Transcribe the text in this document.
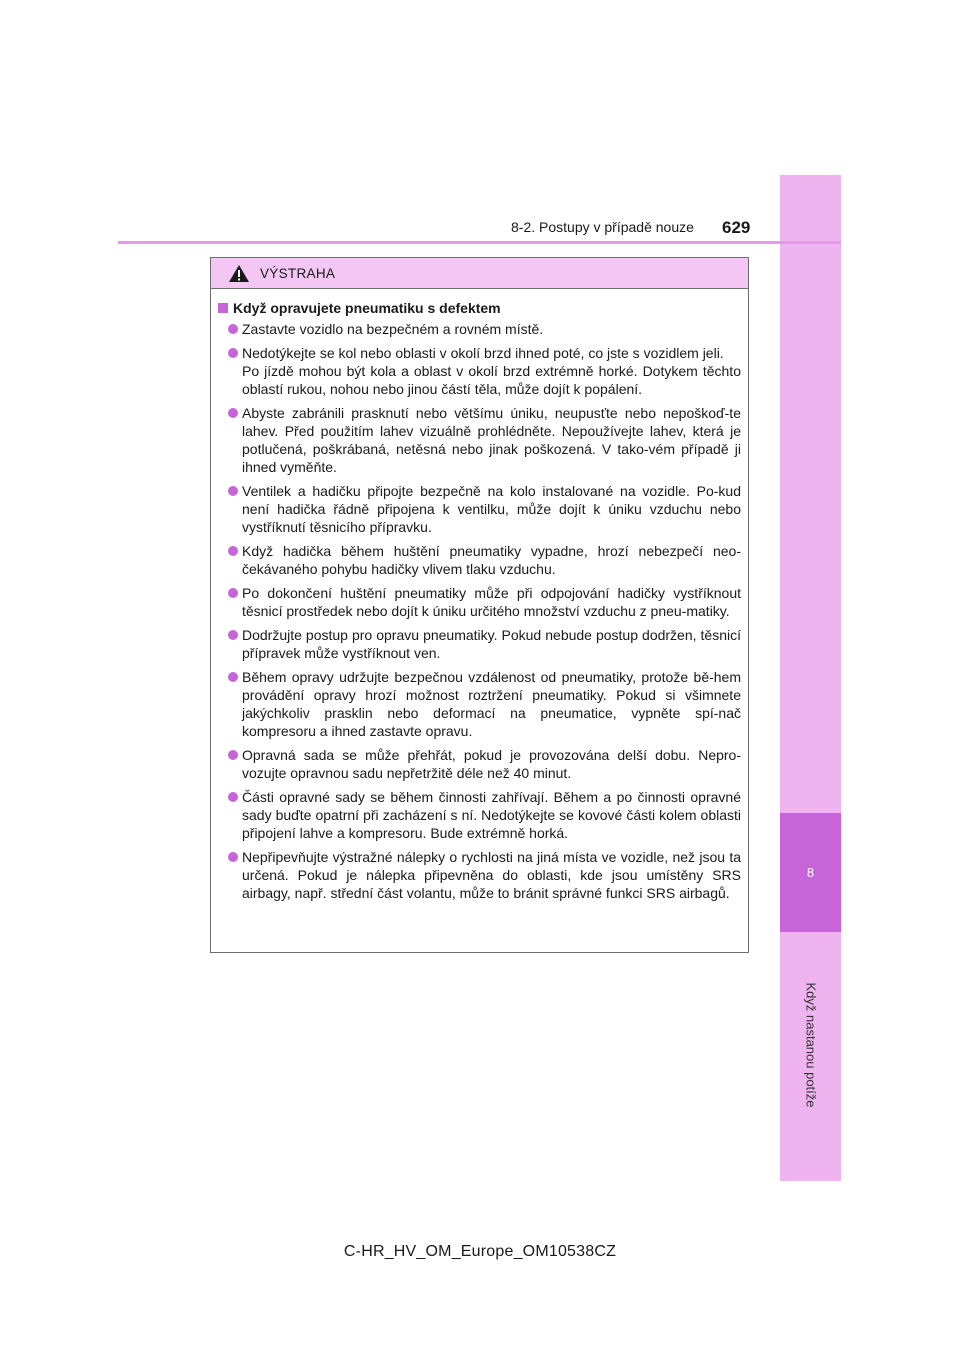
8
Když nastanou potíže
8-2. Postupy v případě nouze 629
VÝSTRAHA
Když opravujete pneumatiku s defektem
Zastavte vozidlo na bezpečném a rovném místě.
Nedotýkejte se kol nebo oblasti v okolí brzd ihned poté, co jste s vozidlem jeli.
Po jízdě mohou být kola a oblast v okolí brzd extrémně horké. Dotykem těchto oblastí rukou, nohou nebo jinou částí těla, může dojít k popálení.
Abyste zabránili prasknutí nebo většímu úniku, neupusťte nebo nepoškoď-te lahev. Před použitím lahev vizuálně prohlédněte. Nepoužívejte lahev, která je potlučená, poškrábaná, netěsná nebo jinak poškozená. V tako-vém případě ji ihned vyměňte.
Ventilek a hadičku připojte bezpečně na kolo instalované na vozidle. Po-kud není hadička řádně připojena k ventilku, může dojít k úniku vzduchu nebo vystříknutí těsnicího přípravku.
Když hadička během huštění pneumatiky vypadne, hrozí nebezpečí neo-čekávaného pohybu hadičky vlivem tlaku vzduchu.
Po dokončení huštění pneumatiky může při odpojování hadičky vystříknout těsnicí prostředek nebo dojít k úniku určitého množství vzduchu z pneu-matiky.
Dodržujte postup pro opravu pneumatiky. Pokud nebude postup dodržen, těsnicí přípravek může vystříknout ven.
Během opravy udržujte bezpečnou vzdálenost od pneumatiky, protože bě-hem provádění opravy hrozí možnost roztržení pneumatiky. Pokud si všimnete jakýchkoliv prasklin nebo deformací na pneumatice, vypněte spí-nač kompresoru a ihned zastavte opravu.
Opravná sada se může přehřát, pokud je provozována delší dobu. Nepro-vozujte opravnou sadu nepřetržitě déle než 40 minut.
Části opravné sady se během činnosti zahřívají. Během a po činnosti opravné sady buďte opatrní při zacházení s ní. Nedotýkejte se kovové části kolem oblasti připojení lahve a kompresoru. Bude extrémně horká.
Nepřipevňujte výstražné nálepky o rychlosti na jiná místa ve vozidle, než jsou ta určená. Pokud je nálepka připevněna do oblasti, kde jsou umístěny SRS airbagy, např. střední část volantu, může to bránit správné funkci SRS airbagů.
C-HR_HV_OM_Europe_OM10538CZ
